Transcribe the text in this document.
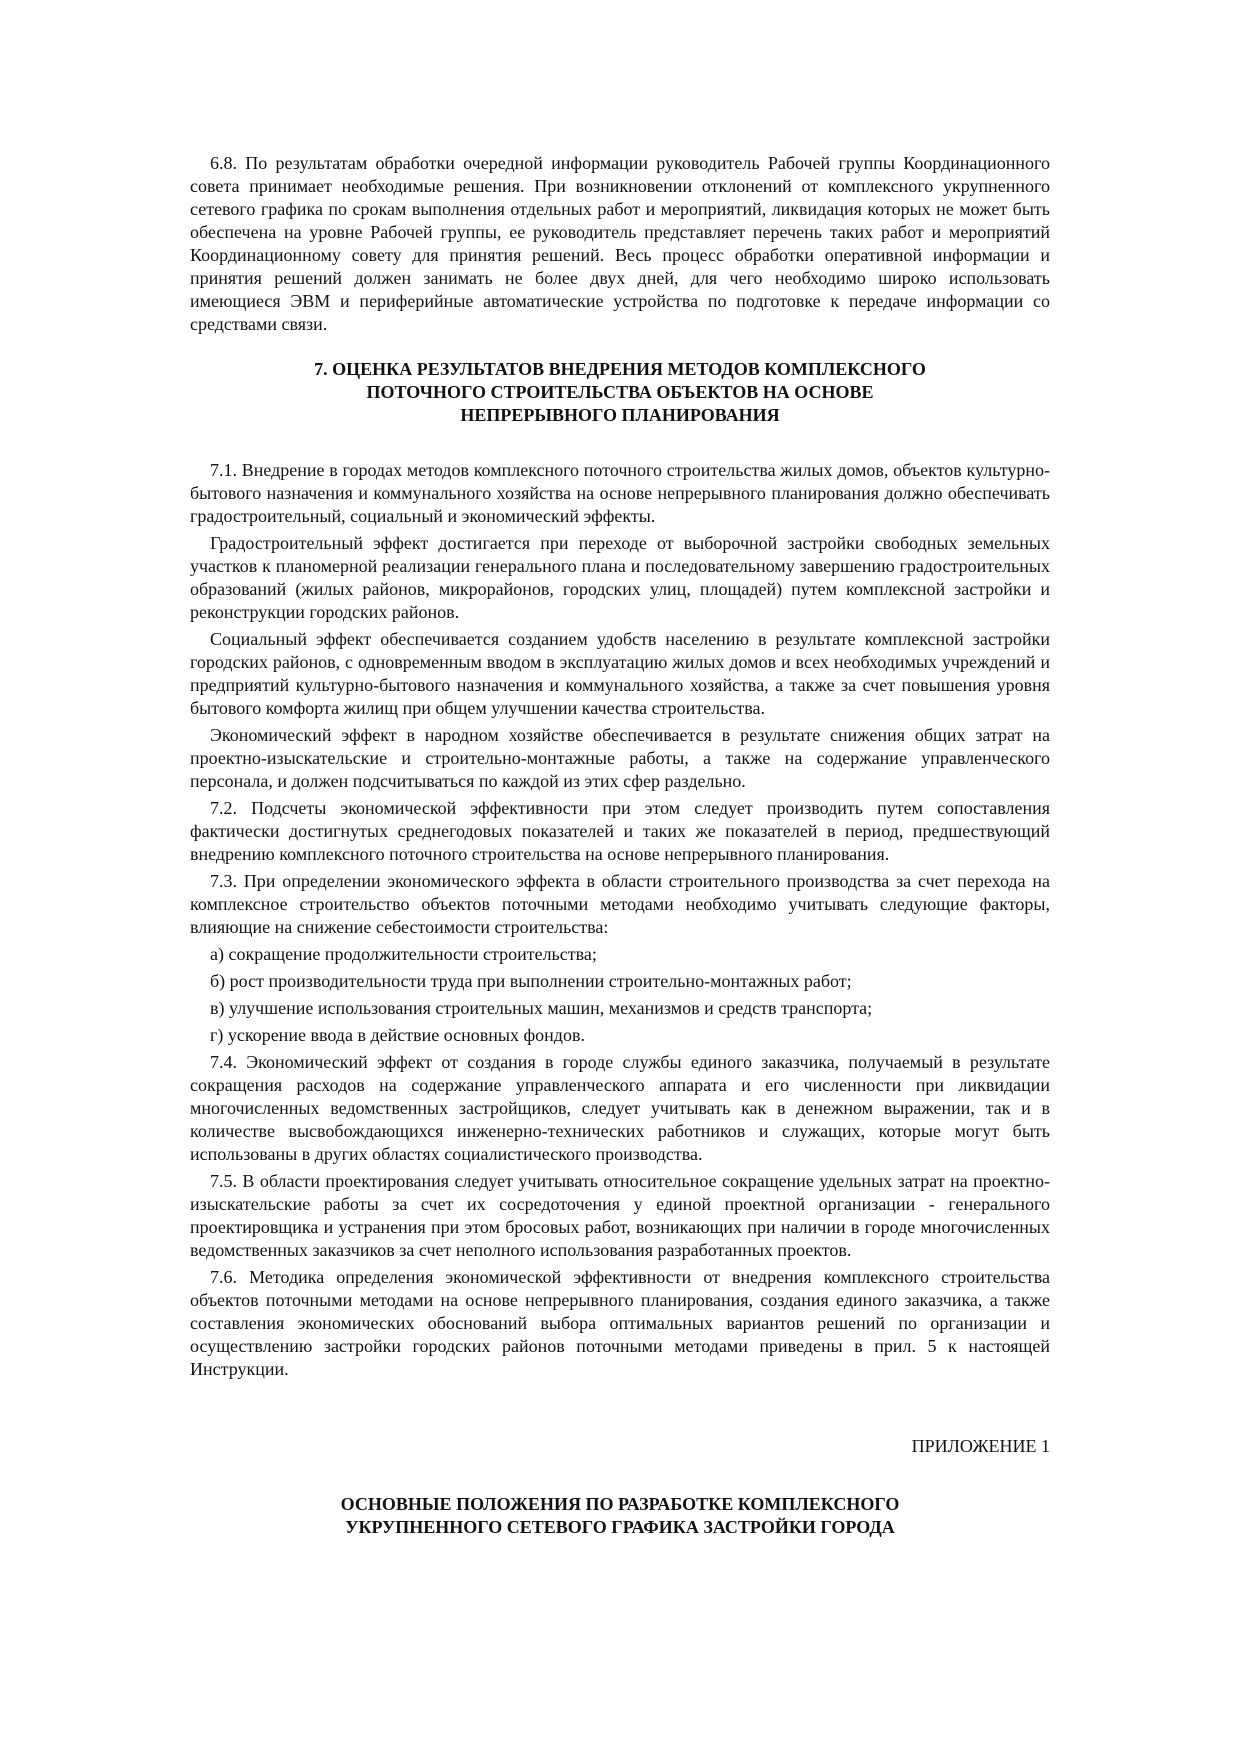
6.8. По результатам обработки очередной информации руководитель Рабочей группы Координационного совета принимает необходимые решения. При возникновении отклонений от комплексного укрупненного сетевого графика по срокам выполнения отдельных работ и мероприятий, ликвидация которых не может быть обеспечена на уровне Рабочей группы, ее руководитель представляет перечень таких работ и мероприятий Координационному совету для принятия решений. Весь процесс обработки оперативной информации и принятия решений должен занимать не более двух дней, для чего необходимо широко использовать имеющиеся ЭВМ и периферийные автоматические устройства по подготовке к передаче информации со средствами связи.

7. ОЦЕНКА РЕЗУЛЬТАТОВ ВНЕДРЕНИЯ МЕТОДОВ КОМПЛЕКСНОГО

ПОТОЧНОГО СТРОИТЕЛЬСТВА ОБЪЕКТОВ НА ОСНОВЕ

НЕПРЕРЫВНОГО ПЛАНИРОВАНИЯ

7.1. Внедрение в городах методов комплексного поточного строительства жилых домов, объектов культурно-бытового назначения и коммунального хозяйства на основе непрерывного планирования должно обеспечивать градостроительный, социальный и экономический эффекты.

Градостроительный эффект достигается при переходе от выборочной застройки свободных земельных участков к планомерной реализации генерального плана и последовательному завершению градостроительных образований (жилых районов, микрорайонов, городских улиц, площадей) путем комплексной застройки и реконструкции городских районов.

Социальный эффект обеспечивается созданием удобств населению в результате комплексной застройки городских районов, с одновременным вводом в эксплуатацию жилых домов и всех необходимых учреждений и предприятий культурно-бытового назначения и коммунального хозяйства, а также за счет повышения уровня бытового комфорта жилищ при общем улучшении качества строительства.

Экономический эффект в народном хозяйстве обеспечивается в результате снижения общих затрат на проектно-изыскательские и строительно-монтажные работы, а также на содержание управленческого персонала, и должен подсчитываться по каждой из этих сфер раздельно.

7.2. Подсчеты экономической эффективности при этом следует производить путем сопоставления фактически достигнутых среднегодовых показателей и таких же показателей в период, предшествующий внедрению комплексного поточного строительства на основе непрерывного планирования.

7.3. При определении экономического эффекта в области строительного производства за счет перехода на комплексное строительство объектов поточными методами необходимо учитывать следующие факторы, влияющие на снижение себестоимости строительства:

а) сокращение продолжительности строительства;

б) рост производительности труда при выполнении строительно-монтажных работ;

в) улучшение использования строительных машин, механизмов и средств транспорта;

г) ускорение ввода в действие основных фондов.

7.4. Экономический эффект от создания в городе службы единого заказчика, получаемый в результате сокращения расходов на содержание управленческого аппарата и его численности при ликвидации многочисленных ведомственных застройщиков, следует учитывать как в денежном выражении, так и в количестве высвобождающихся инженерно-технических работников и служащих, которые могут быть использованы в других областях социалистического производства.

7.5. В области проектирования следует учитывать относительное сокращение удельных затрат на проектно-изыскательские работы за счет их сосредоточения у единой проектной организации - генерального проектировщика и устранения при этом бросовых работ, возникающих при наличии в городе многочисленных ведомственных заказчиков за счет неполного использования разработанных проектов.

7.6. Методика определения экономической эффективности от внедрения комплексного строительства объектов поточными методами на основе непрерывного планирования, создания единого заказчика, а также составления экономических обоснований выбора оптимальных вариантов решений по организации и осуществлению застройки городских районов поточными методами приведены в прил. 5 к настоящей Инструкции.

ПРИЛОЖЕНИЕ 1

ОСНОВНЫЕ ПОЛОЖЕНИЯ ПО РАЗРАБОТКЕ КОМПЛЕКСНОГО

УКРУПНЕННОГО СЕТЕВОГО ГРАФИКА ЗАСТРОЙКИ ГОРОДА
